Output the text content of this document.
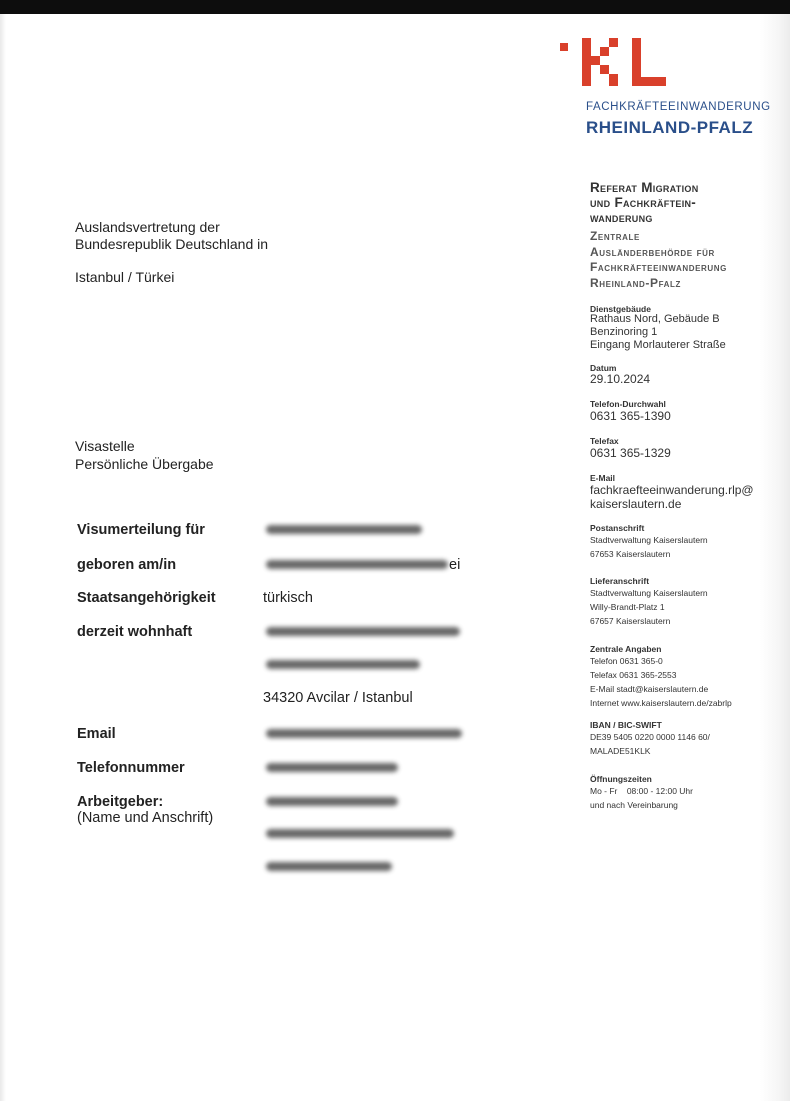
FACHKRÄFTEEINWANDERUNG
RHEINLAND-PFALZ
Referat Migration
und Fachkräftein-
wanderung
Zentrale
Ausländerbehörde für
Fachkräfteeinwanderung
Rheinland-Pfalz
Dienstgebäude
Rathaus Nord, Gebäude B
Benzinoring 1
Eingang Morlauterer Straße
Datum
29.10.2024
Telefon-Durchwahl
0631 365-1390
Telefax
0631 365-1329
E-Mail
fachkraefteeinwanderung.rlp@
kaiserslautern.de
Postanschrift
Stadtverwaltung Kaiserslautern
67653 Kaiserslautern
Lieferanschrift
Stadtverwaltung Kaiserslautern
Willy-Brandt-Platz 1
67657 Kaiserslautern
Zentrale Angaben
Telefon 0631 365-0
Telefax 0631 365-2553
E-Mail stadt@kaiserslautern.de
Internet www.kaiserslautern.de/zabrlp
IBAN / BIC-SWIFT
DE39 5405 0220 0000 1146 60/
MALADE51KLK
Öffnungszeiten
Mo - Fr    08:00 - 12:00 Uhr
und nach Vereinbarung
Auslandsvertretung der
Bundesrepublik Deutschland in
Istanbul / Türkei
Visastelle
Persönliche Übergabe
Visumerteilung für
geboren am/in	ei
Staatsangehörigkeit	türkisch
derzeit wohnhaft
34320 Avcilar / Istanbul
Email
Telefonnummer
Arbeitgeber:
(Name und Anschrift)
